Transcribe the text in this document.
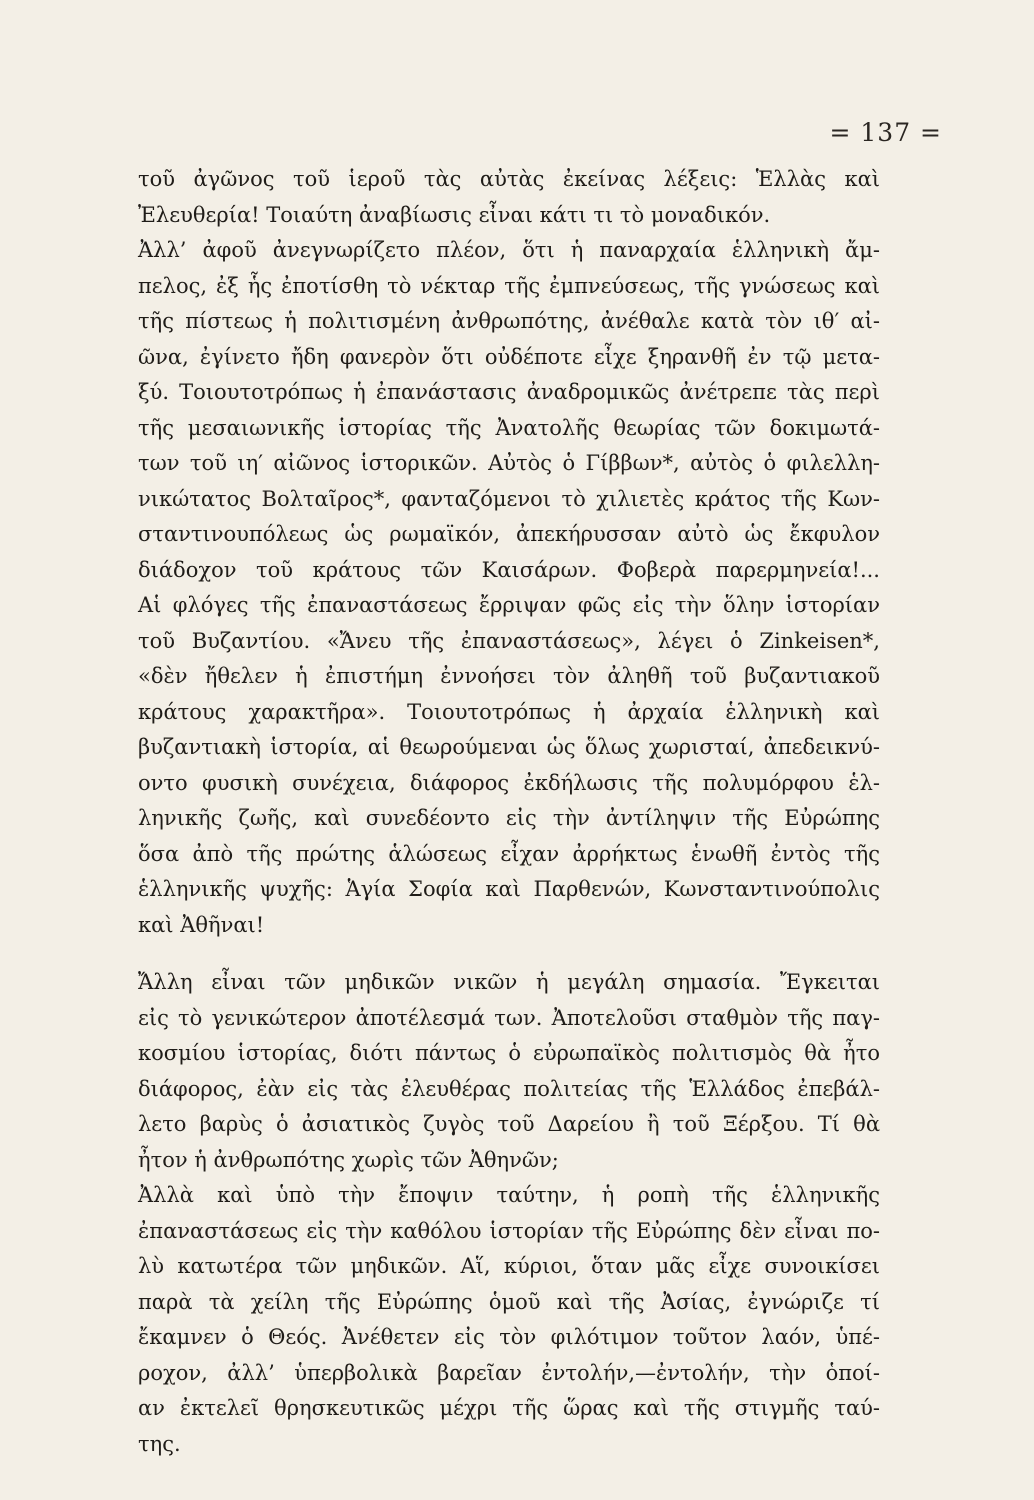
= 137 =
τοῦ ἀγῶνος τοῦ ἱεροῦ τὰς αὐτὰς ἐκείνας λέξεις: Ἑλλὰς καὶ
Ἐλευθερία! Τοιαύτη ἀναβίωσις εἶναι κάτι τι τὸ μοναδικόν.
Ἀλλ’ ἀφοῦ ἀνεγνωρίζετο πλέον, ὅτι ἡ παναρχαία ἑλληνικὴ ἄμ-
πελος, ἐξ ἧς ἐποτίσθη τὸ νέκταρ τῆς ἐμπνεύσεως, τῆς γνώσεως καὶ
τῆς πίστεως ἡ πολιτισμένη ἀνθρωπότης, ἀνέθαλε κατὰ τὸν ιθ′ αἰ-
ῶνα, ἐγίνετο ἤδη φανερὸν ὅτι οὐδέποτε εἶχε ξηρανθῆ ἐν τῷ μετα-
ξύ. Τοιουτοτρόπως ἡ ἐπανάστασις ἀναδρομικῶς ἀνέτρεπε τὰς περὶ
τῆς μεσαιωνικῆς ἱστορίας τῆς Ἀνατολῆς θεωρίας τῶν δοκιμωτά-
των τοῦ ιη′ αἰῶνος ἱστορικῶν. Αὐτὸς ὁ Γίββων*, αὐτὸς ὁ φιλελλη-
νικώτατος Βολταῖρος*, φανταζόμενοι τὸ χιλιετὲς κράτος τῆς Κων-
σταντινουπόλεως ὡς ρωμαϊκόν, ἀπεκήρυσσαν αὐτὸ ὡς ἔκφυλον
διάδοχον τοῦ κράτους τῶν Καισάρων. Φοβερὰ παρερμηνεία!...
Αἱ φλόγες τῆς ἐπαναστάσεως ἔρριψαν φῶς εἰς τὴν ὅλην ἱστορίαν
τοῦ Βυζαντίου. «Ἄνευ τῆς ἐπαναστάσεως», λέγει ὁ Zinkeisen*,
«δὲν ἤθελεν ἡ ἐπιστήμη ἐννοήσει τὸν ἀληθῆ τοῦ βυζαντιακοῦ
κράτους χαρακτῆρα». Τοιουτοτρόπως ἡ ἀρχαία ἑλληνικὴ καὶ
βυζαντιακὴ ἱστορία, αἱ θεωρούμεναι ὡς ὅλως χωρισταί, ἀπεδεικνύ-
οντο φυσικὴ συνέχεια, διάφορος ἐκδήλωσις τῆς πολυμόρφου ἑλ-
ληνικῆς ζωῆς, καὶ συνεδέοντο εἰς τὴν ἀντίληψιν τῆς Εὐρώπης
ὅσα ἀπὸ τῆς πρώτης ἁλώσεως εἶχαν ἀρρήκτως ἑνωθῆ ἐντὸς τῆς
ἑλληνικῆς ψυχῆς: Ἁγία Σοφία καὶ Παρθενών, Κωνσταντινούπολις
καὶ Ἀθῆναι!
Ἄλλη εἶναι τῶν μηδικῶν νικῶν ἡ μεγάλη σημασία. Ἔγκειται
εἰς τὸ γενικώτερον ἀποτέλεσμά των. Ἀποτελοῦσι σταθμὸν τῆς παγ-
κοσμίου ἱστορίας, διότι πάντως ὁ εὐρωπαϊκὸς πολιτισμὸς θὰ ἦτο
διάφορος, ἐὰν εἰς τὰς ἐλευθέρας πολιτείας τῆς Ἑλλάδος ἐπεβάλ-
λετο βαρὺς ὁ ἀσιατικὸς ζυγὸς τοῦ Δαρείου ἢ τοῦ Ξέρξου. Τί θὰ
ἦτον ἡ ἀνθρωπότης χωρὶς τῶν Ἀθηνῶν;
Ἀλλὰ καὶ ὑπὸ τὴν ἔποψιν ταύτην, ἡ ροπὴ τῆς ἑλληνικῆς
ἐπαναστάσεως εἰς τὴν καθόλου ἱστορίαν τῆς Εὐρώπης δὲν εἶναι πο-
λὺ κατωτέρα τῶν μηδικῶν. Αἵ, κύριοι, ὅταν μᾶς εἶχε συνοικίσει
παρὰ τὰ χείλη τῆς Εὐρώπης ὁμοῦ καὶ τῆς Ἀσίας, ἐγνώριζε τί
ἔκαμνεν ὁ Θεός. Ἀνέθετεν εἰς τὸν φιλότιμον τοῦτον λαόν, ὑπέ-
ροχον, ἀλλ’ ὑπερβολικὰ βαρεῖαν ἐντολήν,—ἐντολήν, τὴν ὁποί-
αν ἐκτελεῖ θρησκευτικῶς μέχρι τῆς ὥρας καὶ τῆς στιγμῆς ταύ-
της.
